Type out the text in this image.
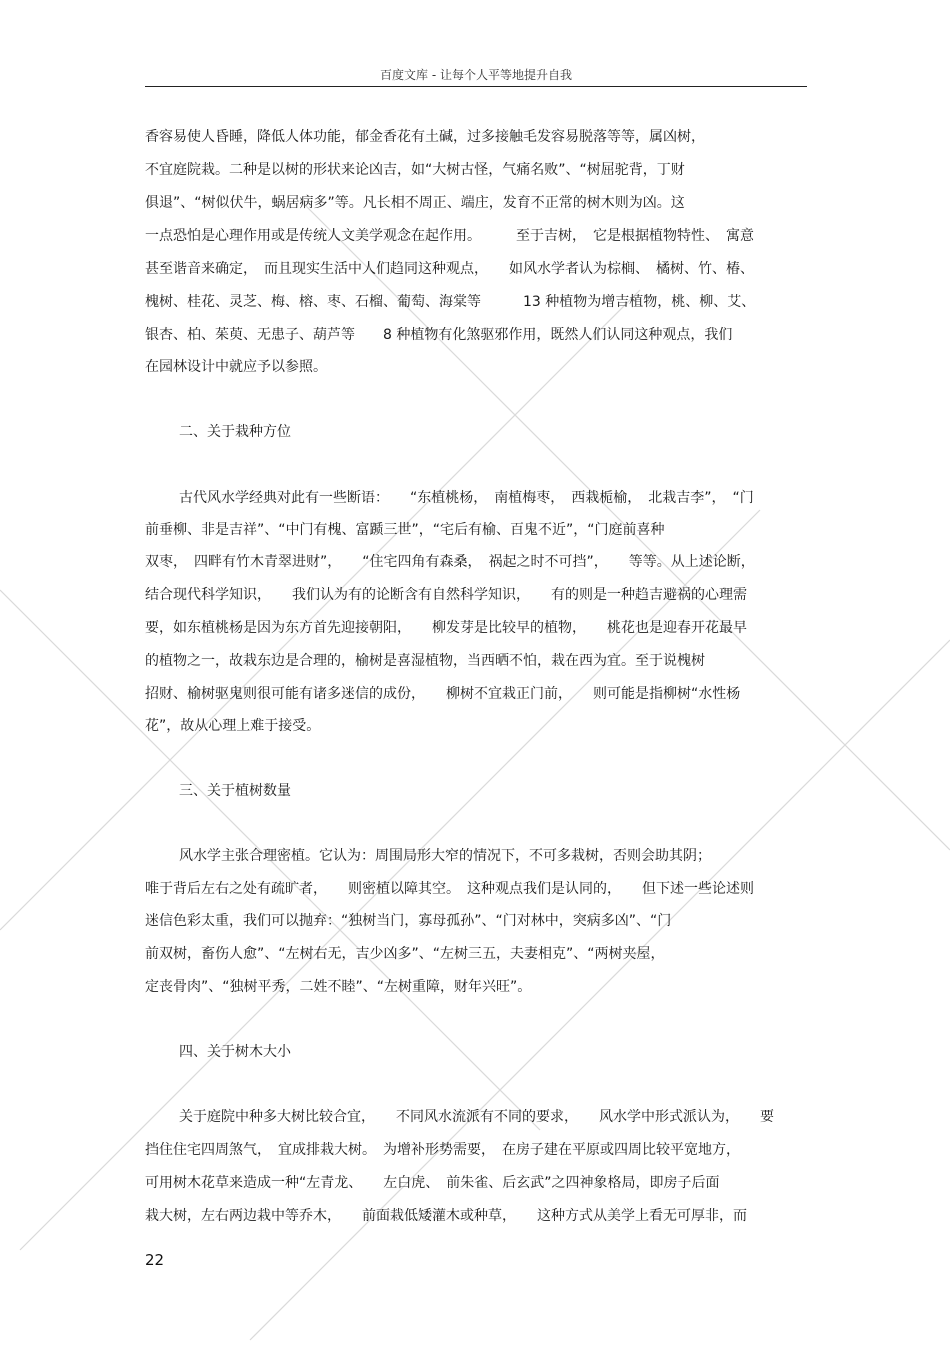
百度文库 - 让每个人平等地提升自我
香容易使人昏睡，降低人体功能，郁金香花有土碱，过多接触毛发容易脱落等等，属凶树，
不宜庭院栽。二种是以树的形状来论凶吉，如“大树古怪，气痛名败”、“树屈驼背，丁财
俱退”、“树似伏牛，蜗居病多”等。凡长相不周正、端庄，发育不正常的树木则为凶。这
一点恐怕是心理作用或是传统人文美学观念在起作用。　　　至于吉树，　它是根据植物特性、　寓意
甚至谐音来确定，　而且现实生活中人们趋同这种观点，　　如风水学者认为棕榈、　橘树、竹、椿、
槐树、桂花、灵芝、梅、榕、枣、石榴、葡萄、海棠等　　　13 种植物为增吉植物，桃、柳、艾、
银杏、柏、茱萸、无患子、葫芦等　　8 种植物有化煞驱邪作用，既然人们认同这种观点，我们
在园林设计中就应予以参照。
二、关于栽种方位
古代风水学经典对此有一些断语：　　“东植桃杨，　南植梅枣，　西栽栀榆，　北栽吉李”，　“门
前垂柳、非是吉祥”、“中门有槐、富踬三世”，“宅后有榆、百鬼不近”，“门庭前喜种
双枣，　四畔有竹木青翠进财”，　　“住宅四角有森桑，　祸起之时不可挡”，　　等等。从上述论断，
结合现代科学知识，　　我们认为有的论断含有自然科学知识，　　有的则是一种趋吉避祸的心理需
要，如东植桃杨是因为东方首先迎接朝阳，　　柳发芽是比较早的植物，　　桃花也是迎春开花最早
的植物之一，故栽东边是合理的，榆树是喜湿植物，当西晒不怕，栽在西为宜。至于说槐树
招财、榆树驱鬼则很可能有诸多迷信的成份，　　柳树不宜栽正门前，　　则可能是指柳树“水性杨
花”，故从心理上难于接受。
三、关于植树数量
风水学主张合理密植。它认为：周围局形大窄的情况下，不可多栽树，否则会助其阴；
唯于背后左右之处有疏旷者，　　则密植以障其空。　这种观点我们是认同的，　　但下述一些论述则
迷信色彩太重，我们可以抛弃：“独树当门，寡母孤孙”、“门对林中，突病多凶”、“门
前双树，畜伤人愈”、“左树右无，吉少凶多”、“左树三五，夫妻相克”、“两树夹屋，
定丧骨肉”、“独树平秀，二姓不睦”、“左树重障，财年兴旺”。
四、关于树木大小
关于庭院中种多大树比较合宜，　　不同风水流派有不同的要求，　　风水学中形式派认为，　　要
挡住住宅四周煞气，　宜成排栽大树。　为增补形势需要，　在房子建在平原或四周比较平宽地方，
可用树木花草来造成一种“左青龙、　　左白虎、　前朱雀、后玄武”之四神象格局，即房子后面
栽大树，左右两边栽中等乔木，　　前面栽低矮灌木或种草，　　这种方式从美学上看无可厚非，而
22
